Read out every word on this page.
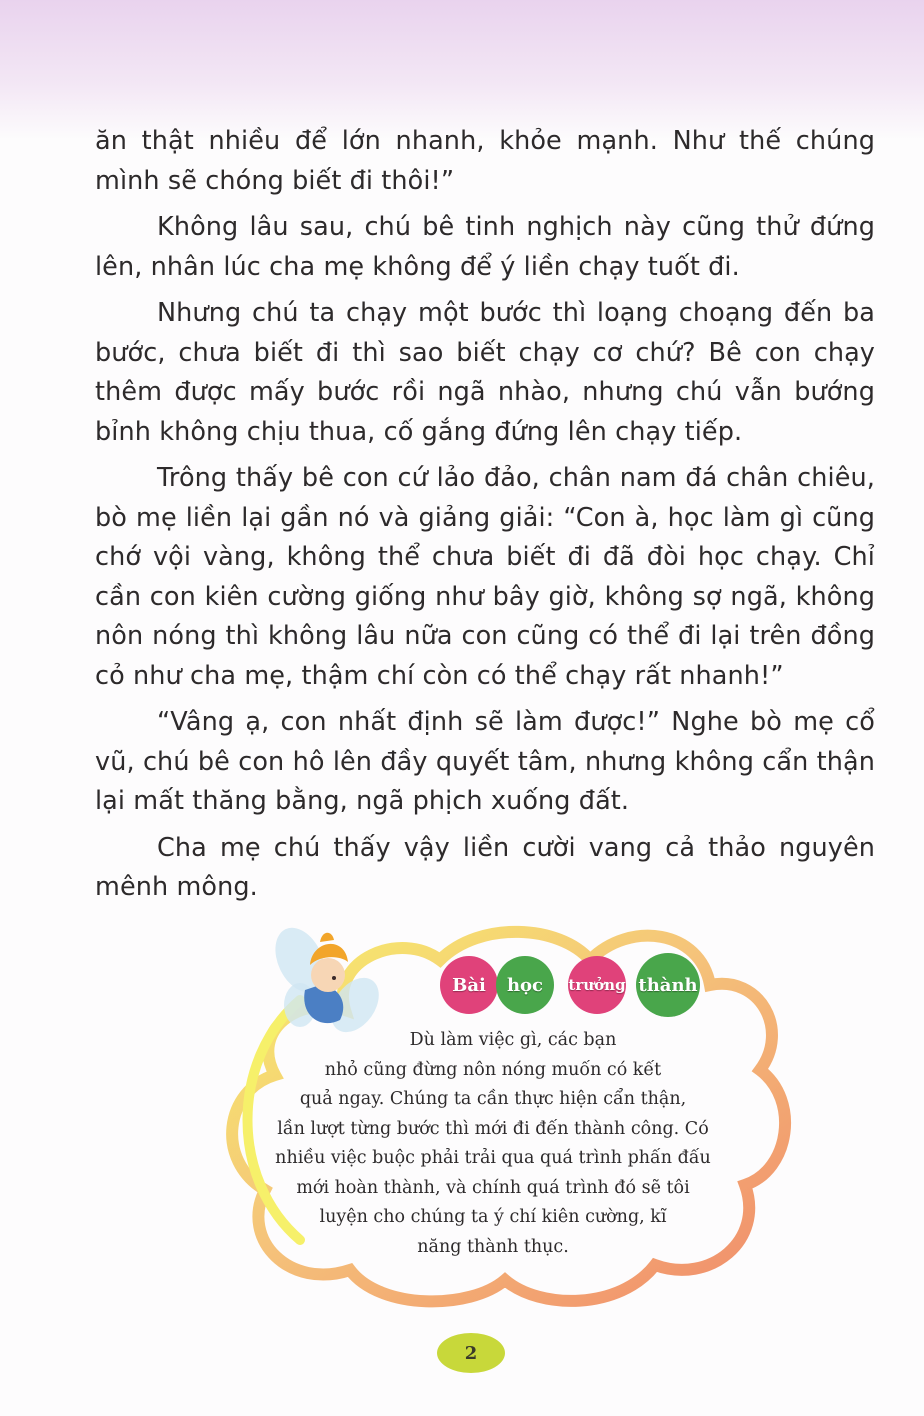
ăn thật nhiều để lớn nhanh, khỏe mạnh. Như thế chúng mình sẽ chóng biết đi thôi!”

Không lâu sau, chú bê tinh nghịch này cũng thử đứng lên, nhân lúc cha mẹ không để ý liền chạy tuốt đi.

Nhưng chú ta chạy một bước thì loạng choạng đến ba bước, chưa biết đi thì sao biết chạy cơ chứ? Bê con chạy thêm được mấy bước rồi ngã nhào, nhưng chú vẫn bướng bỉnh không chịu thua, cố gắng đứng lên chạy tiếp.

Trông thấy bê con cứ lảo đảo, chân nam đá chân chiêu, bò mẹ liền lại gần nó và giảng giải: “Con à, học làm gì cũng chớ vội vàng, không thể chưa biết đi đã đòi học chạy. Chỉ cần con kiên cường giống như bây giờ, không sợ ngã, không nôn nóng thì không lâu nữa con cũng có thể đi lại trên đồng cỏ như cha mẹ, thậm chí còn có thể chạy rất nhanh!”

“Vâng ạ, con nhất định sẽ làm được!” Nghe bò mẹ cổ vũ, chú bê con hô lên đầy quyết tâm, nhưng không cẩn thận lại mất thăng bằng, ngã phịch xuống đất.

Cha mẹ chú thấy vậy liền cười vang cả thảo nguyên mênh mông.

Bài	học	trưởng thành
Dù làm việc gì, các bạn
nhỏ cũng đừng nôn nóng muốn có kết
quả ngay. Chúng ta cần thực hiện cẩn thận,
lần lượt từng bước thì mới đi đến thành công. Có
nhiều việc buộc phải trải qua quá trình phấn đấu
mới hoàn thành, và chính quá trình đó sẽ tôi
luyện cho chúng ta ý chí kiên cường, kĩ
năng thành thục.
2
